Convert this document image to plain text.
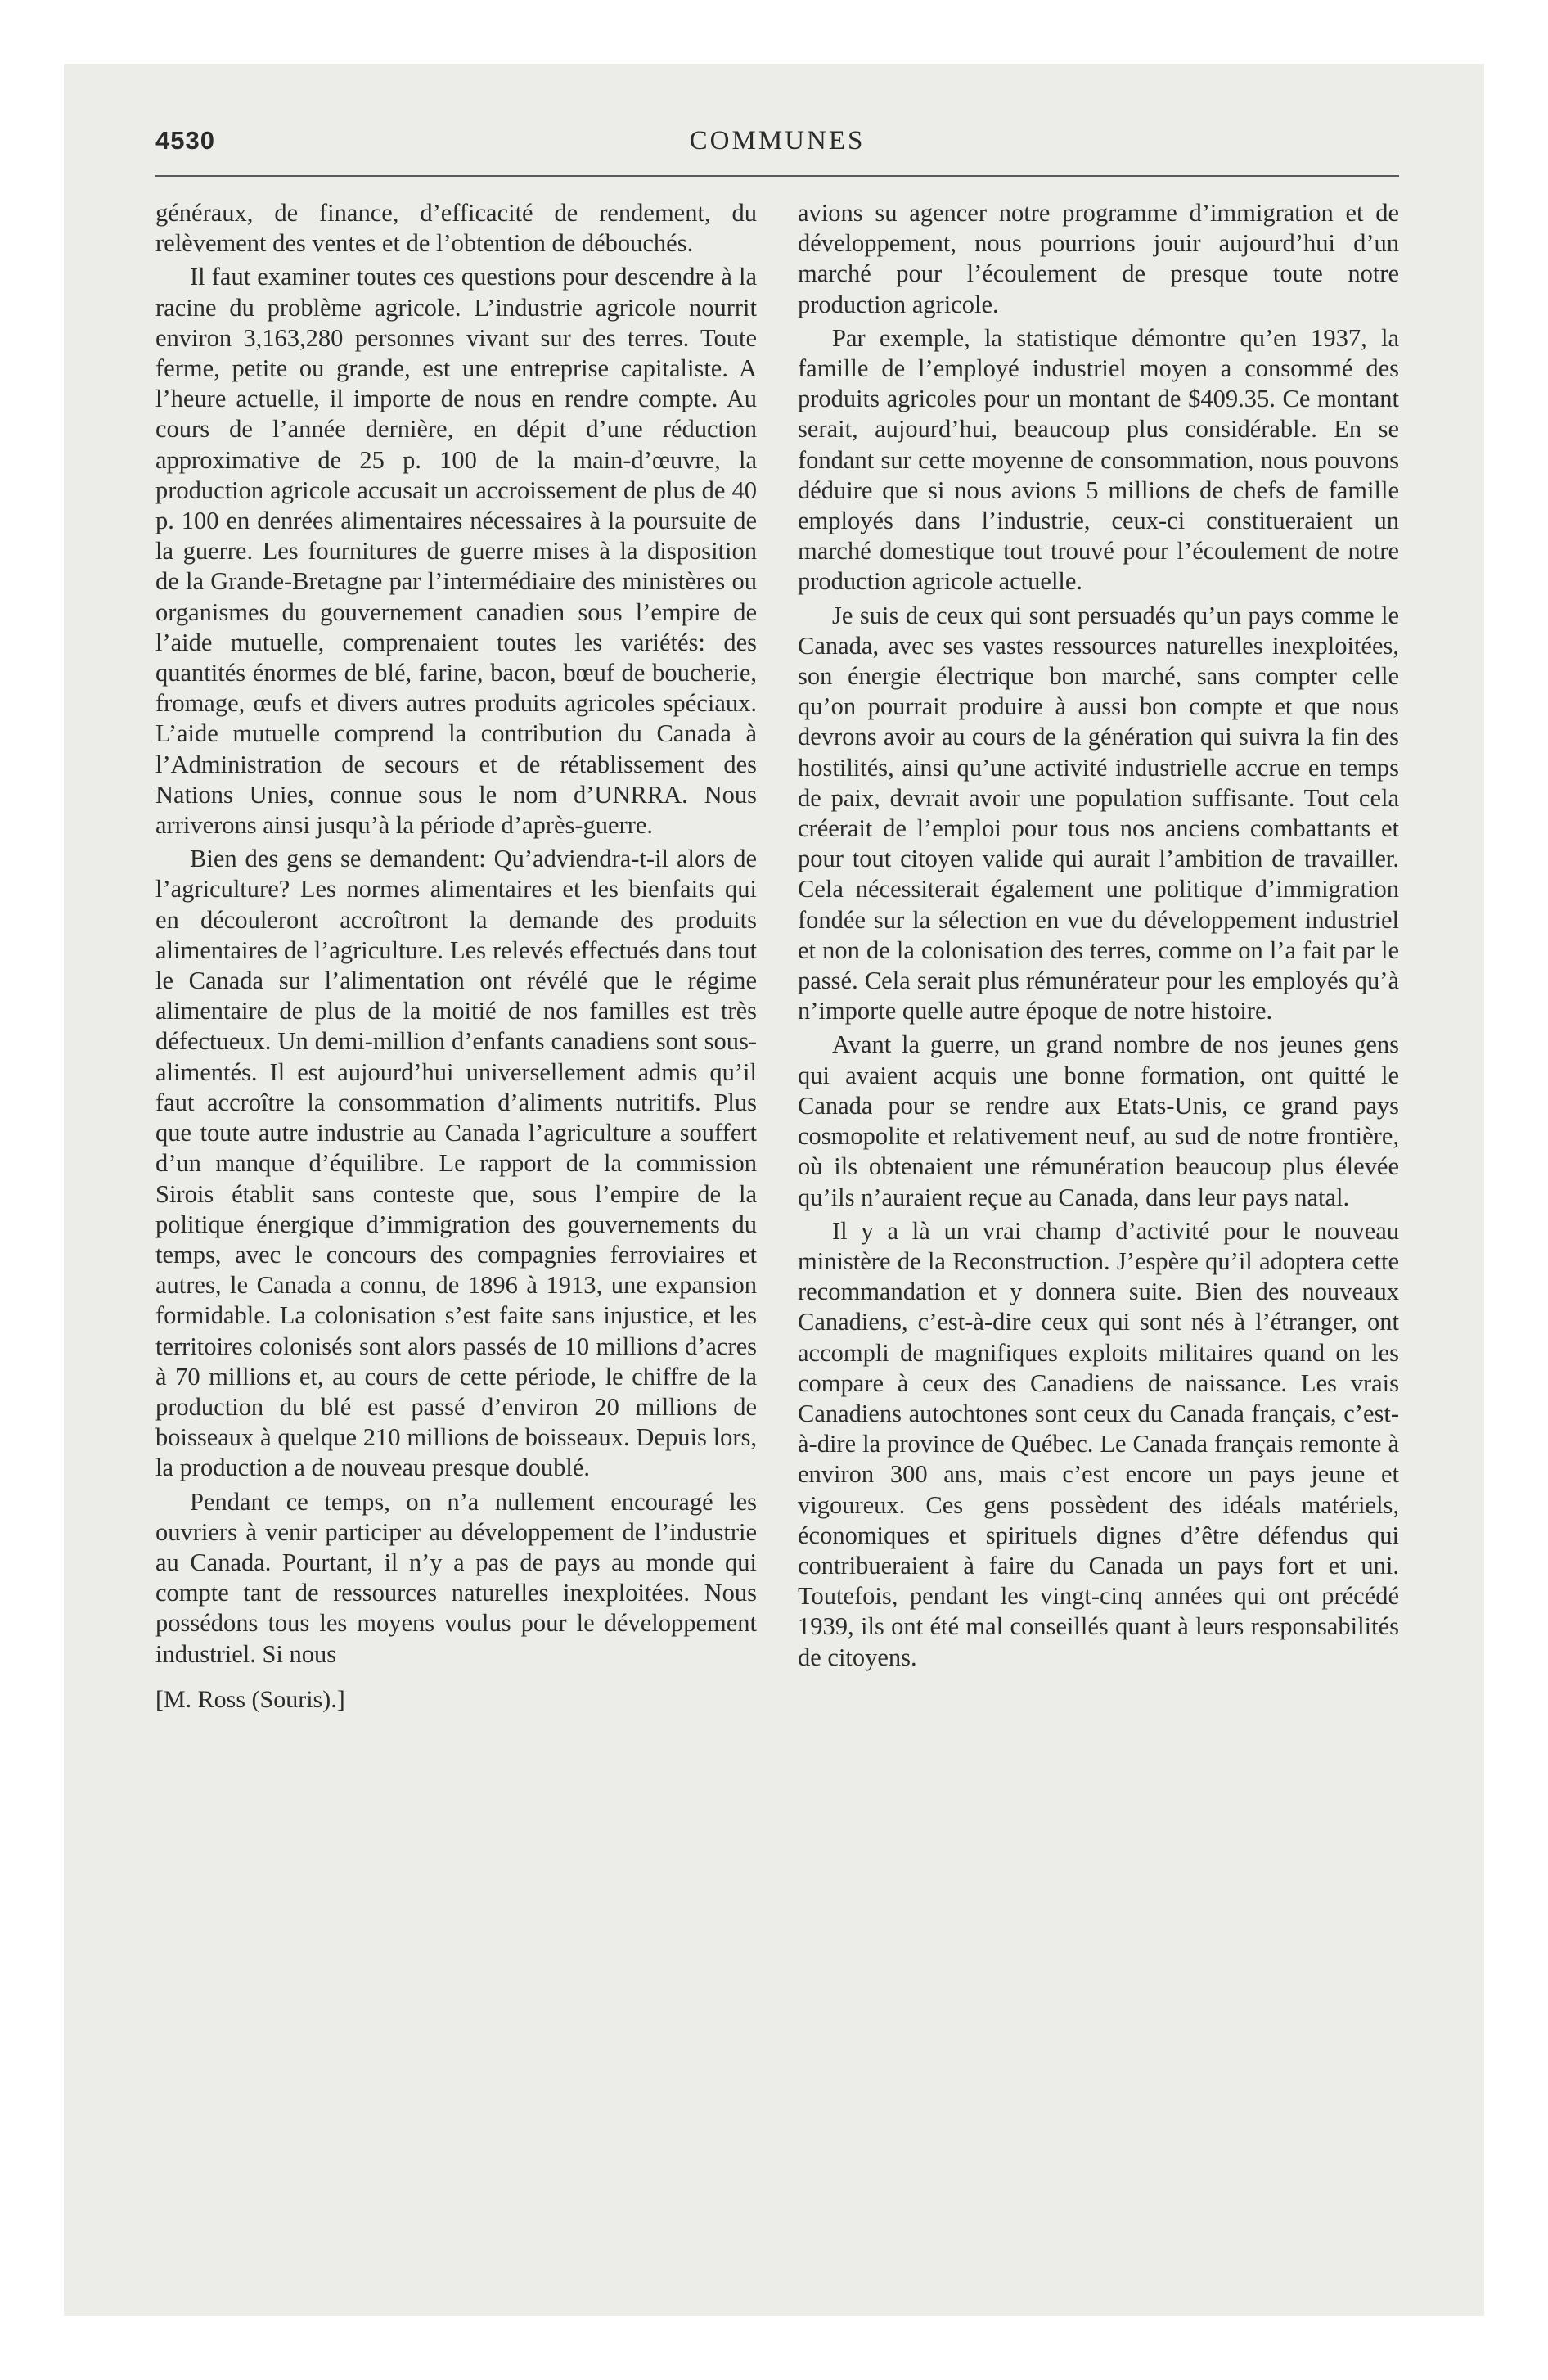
4530	COMMUNES

généraux, de finance, d’efficacité de rendement, du relèvement des ventes et de l’obtention de débouchés.

Il faut examiner toutes ces questions pour descendre à la racine du problème agricole. L’industrie agricole nourrit environ 3,163,280 personnes vivant sur des terres. Toute ferme, petite ou grande, est une entreprise capitaliste. A l’heure actuelle, il importe de nous en rendre compte. Au cours de l’année dernière, en dépit d’une réduction approximative de 25 p. 100 de la main-d’œuvre, la production agricole accusait un accroissement de plus de 40 p. 100 en denrées alimentaires nécessaires à la poursuite de la guerre. Les fournitures de guerre mises à la disposition de la Grande-Bretagne par l’intermédiaire des ministères ou organismes du gouvernement canadien sous l’empire de l’aide mutuelle, comprenaient toutes les variétés: des quantités énormes de blé, farine, bacon, bœuf de boucherie, fromage, œufs et divers autres produits agricoles spéciaux. L’aide mutuelle comprend la contribution du Canada à l’Administration de secours et de rétablissement des Nations Unies, connue sous le nom d’UNRRA. Nous arriverons ainsi jusqu’à la période d’après-guerre.

Bien des gens se demandent: Qu’adviendra-t-il alors de l’agriculture? Les normes alimentaires et les bienfaits qui en découleront accroîtront la demande des produits alimentaires de l’agriculture. Les relevés effectués dans tout le Canada sur l’alimentation ont révélé que le régime alimentaire de plus de la moitié de nos familles est très défectueux. Un demi-million d’enfants canadiens sont sous-alimentés. Il est aujourd’hui universellement admis qu’il faut accroître la consommation d’aliments nutritifs. Plus que toute autre industrie au Canada l’agriculture a souffert d’un manque d’équilibre. Le rapport de la commission Sirois établit sans conteste que, sous l’empire de la politique énergique d’immigration des gouvernements du temps, avec le concours des compagnies ferroviaires et autres, le Canada a connu, de 1896 à 1913, une expansion formidable. La colonisation s’est faite sans injustice, et les territoires colonisés sont alors passés de 10 millions d’acres à 70 millions et, au cours de cette période, le chiffre de la production du blé est passé d’environ 20 millions de boisseaux à quelque 210 millions de boisseaux. Depuis lors, la production a de nouveau presque doublé.

Pendant ce temps, on n’a nullement encouragé les ouvriers à venir participer au développement de l’industrie au Canada. Pourtant, il n’y a pas de pays au monde qui compte tant de ressources naturelles inexploitées. Nous possédons tous les moyens voulus pour le développement industriel. Si nous

[M. Ross (Souris).]

avions su agencer notre programme d’immigration et de développement, nous pourrions jouir aujourd’hui d’un marché pour l’écoulement de presque toute notre production agricole.

Par exemple, la statistique démontre qu’en 1937, la famille de l’employé industriel moyen a consommé des produits agricoles pour un montant de $409.35. Ce montant serait, aujourd’hui, beaucoup plus considérable. En se fondant sur cette moyenne de consommation, nous pouvons déduire que si nous avions 5 millions de chefs de famille employés dans l’industrie, ceux-ci constitueraient un marché domestique tout trouvé pour l’écoulement de notre production agricole actuelle.

Je suis de ceux qui sont persuadés qu’un pays comme le Canada, avec ses vastes ressources naturelles inexploitées, son énergie électrique bon marché, sans compter celle qu’on pourrait produire à aussi bon compte et que nous devrons avoir au cours de la génération qui suivra la fin des hostilités, ainsi qu’une activité industrielle accrue en temps de paix, devrait avoir une population suffisante. Tout cela créerait de l’emploi pour tous nos anciens combattants et pour tout citoyen valide qui aurait l’ambition de travailler. Cela nécessiterait également une politique d’immigration fondée sur la sélection en vue du développement industriel et non de la colonisation des terres, comme on l’a fait par le passé. Cela serait plus rémunérateur pour les employés qu’à n’importe quelle autre époque de notre histoire.

Avant la guerre, un grand nombre de nos jeunes gens qui avaient acquis une bonne formation, ont quitté le Canada pour se rendre aux Etats-Unis, ce grand pays cosmopolite et relativement neuf, au sud de notre frontière, où ils obtenaient une rémunération beaucoup plus élevée qu’ils n’auraient reçue au Canada, dans leur pays natal.

Il y a là un vrai champ d’activité pour le nouveau ministère de la Reconstruction. J’espère qu’il adoptera cette recommandation et y donnera suite. Bien des nouveaux Canadiens, c’est-à-dire ceux qui sont nés à l’étranger, ont accompli de magnifiques exploits militaires quand on les compare à ceux des Canadiens de naissance. Les vrais Canadiens autochtones sont ceux du Canada français, c’est-à-dire la province de Québec. Le Canada français remonte à environ 300 ans, mais c’est encore un pays jeune et vigoureux. Ces gens possèdent des idéals matériels, économiques et spirituels dignes d’être défendus qui contribueraient à faire du Canada un pays fort et uni. Toutefois, pendant les vingt-cinq années qui ont précédé 1939, ils ont été mal conseillés quant à leurs responsabilités de citoyens.
